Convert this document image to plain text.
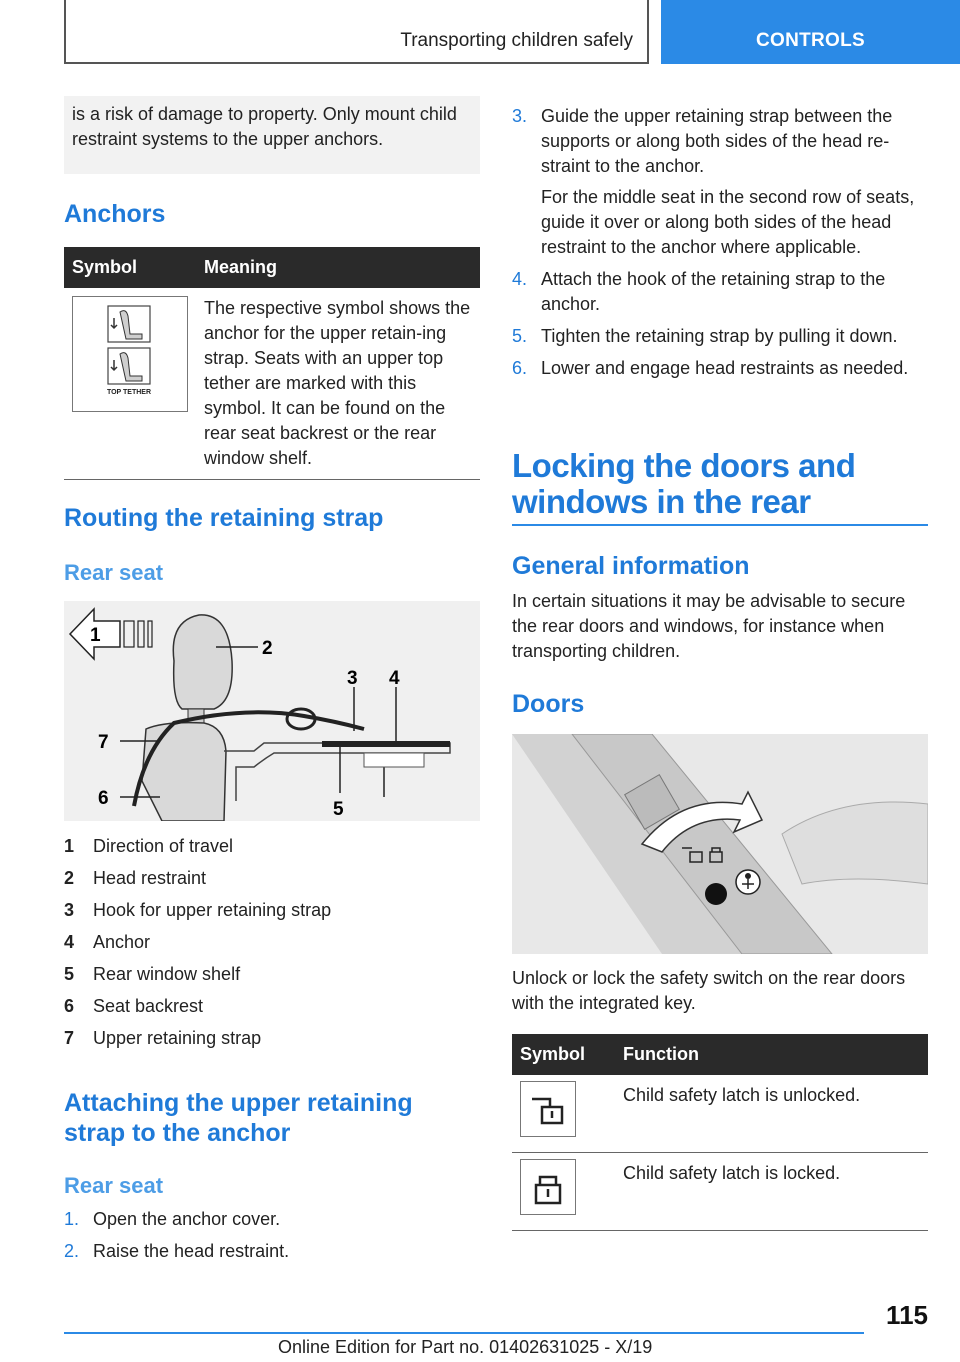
Transporting children safely	CONTROLS
is a risk of damage to property. Only mount child restraint systems to the upper anchors.
Anchors
Symbol	Meaning

TOP TETHER	The respective symbol shows the anchor for the upper retain-ing strap. Seats with an upper top tether are marked with this symbol. It can be found on the rear seat backrest or the rear window shelf.
Routing the retaining strap
Rear seat
2
3 4
5
6
7
1
1 Direction of travel
2 Head restraint
3 Hook for upper retaining strap
4 Anchor
5 Rear window shelf
6 Seat backrest
7 Upper retaining strap
Attaching the upper retaining strap to the anchor
Rear seat
1. Open the anchor cover.
2. Raise the head restraint.
3. Guide the upper retaining strap between the supports or along both sides of the head re-straint to the anchor.

For the middle seat in the second row of seats, guide it over or along both sides of the head restraint to the anchor where applicable.

4. Attach the hook of the retaining strap to the anchor.
5. Tighten the retaining strap by pulling it down.
6. Lower and engage head restraints as needed.
Locking the doors and windows in the rear
General information
In certain situations it may be advisable to secure the rear doors and windows, for instance when transporting children.
Doors
Unlock or lock the safety switch on the rear doors with the integrated key.
Symbol	Function
	Child safety latch is unlocked.
	Child safety latch is locked.
115
Online Edition for Part no. 01402631025 - X/19
